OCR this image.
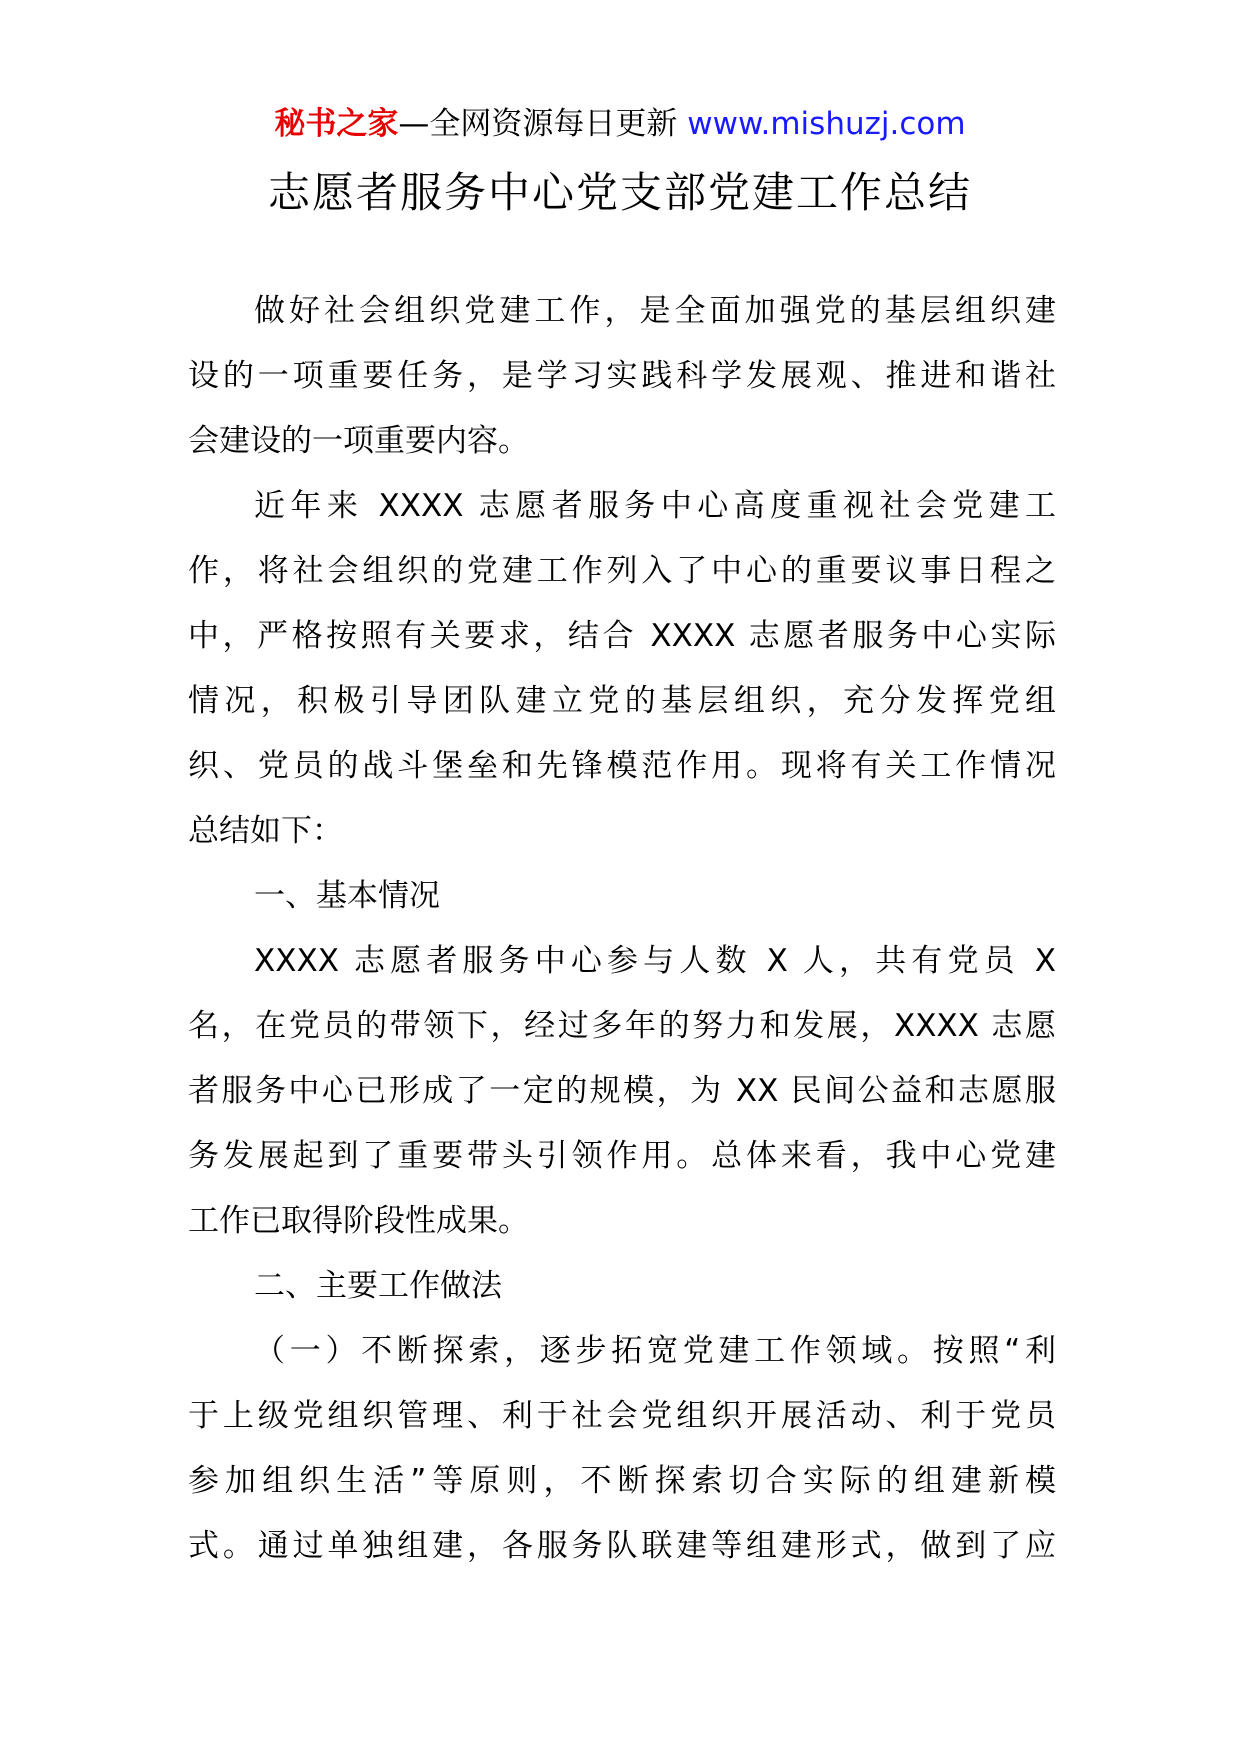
秘书之家—全网资源每日更新 www.mishuzj.com
志愿者服务中心党支部党建工作总结
做好社会组织党建工作，是全面加强党的基层组织建
设的一项重要任务，是学习实践科学发展观、推进和谐社
会建设的一项重要内容。
近年来 XXXX 志愿者服务中心高度重视社会党建工
作，将社会组织的党建工作列入了中心的重要议事日程之
中，严格按照有关要求，结合 XXXX 志愿者服务中心实际
情况，积极引导团队建立党的基层组织，充分发挥党组
织、党员的战斗堡垒和先锋模范作用。现将有关工作情况
总结如下：
一、基本情况
XXXX 志愿者服务中心参与人数 X 人，共有党员 X
名，在党员的带领下，经过多年的努力和发展，XXXX 志愿
者服务中心已形成了一定的规模，为 XX 民间公益和志愿服
务发展起到了重要带头引领作用。总体来看，我中心党建
工作已取得阶段性成果。
二、主要工作做法
（一）不断探索，逐步拓宽党建工作领域。按照“利
于上级党组织管理、利于社会党组织开展活动、利于党员
参加组织生活”等原则，不断探索切合实际的组建新模
式。通过单独组建，各服务队联建等组建形式，做到了应
